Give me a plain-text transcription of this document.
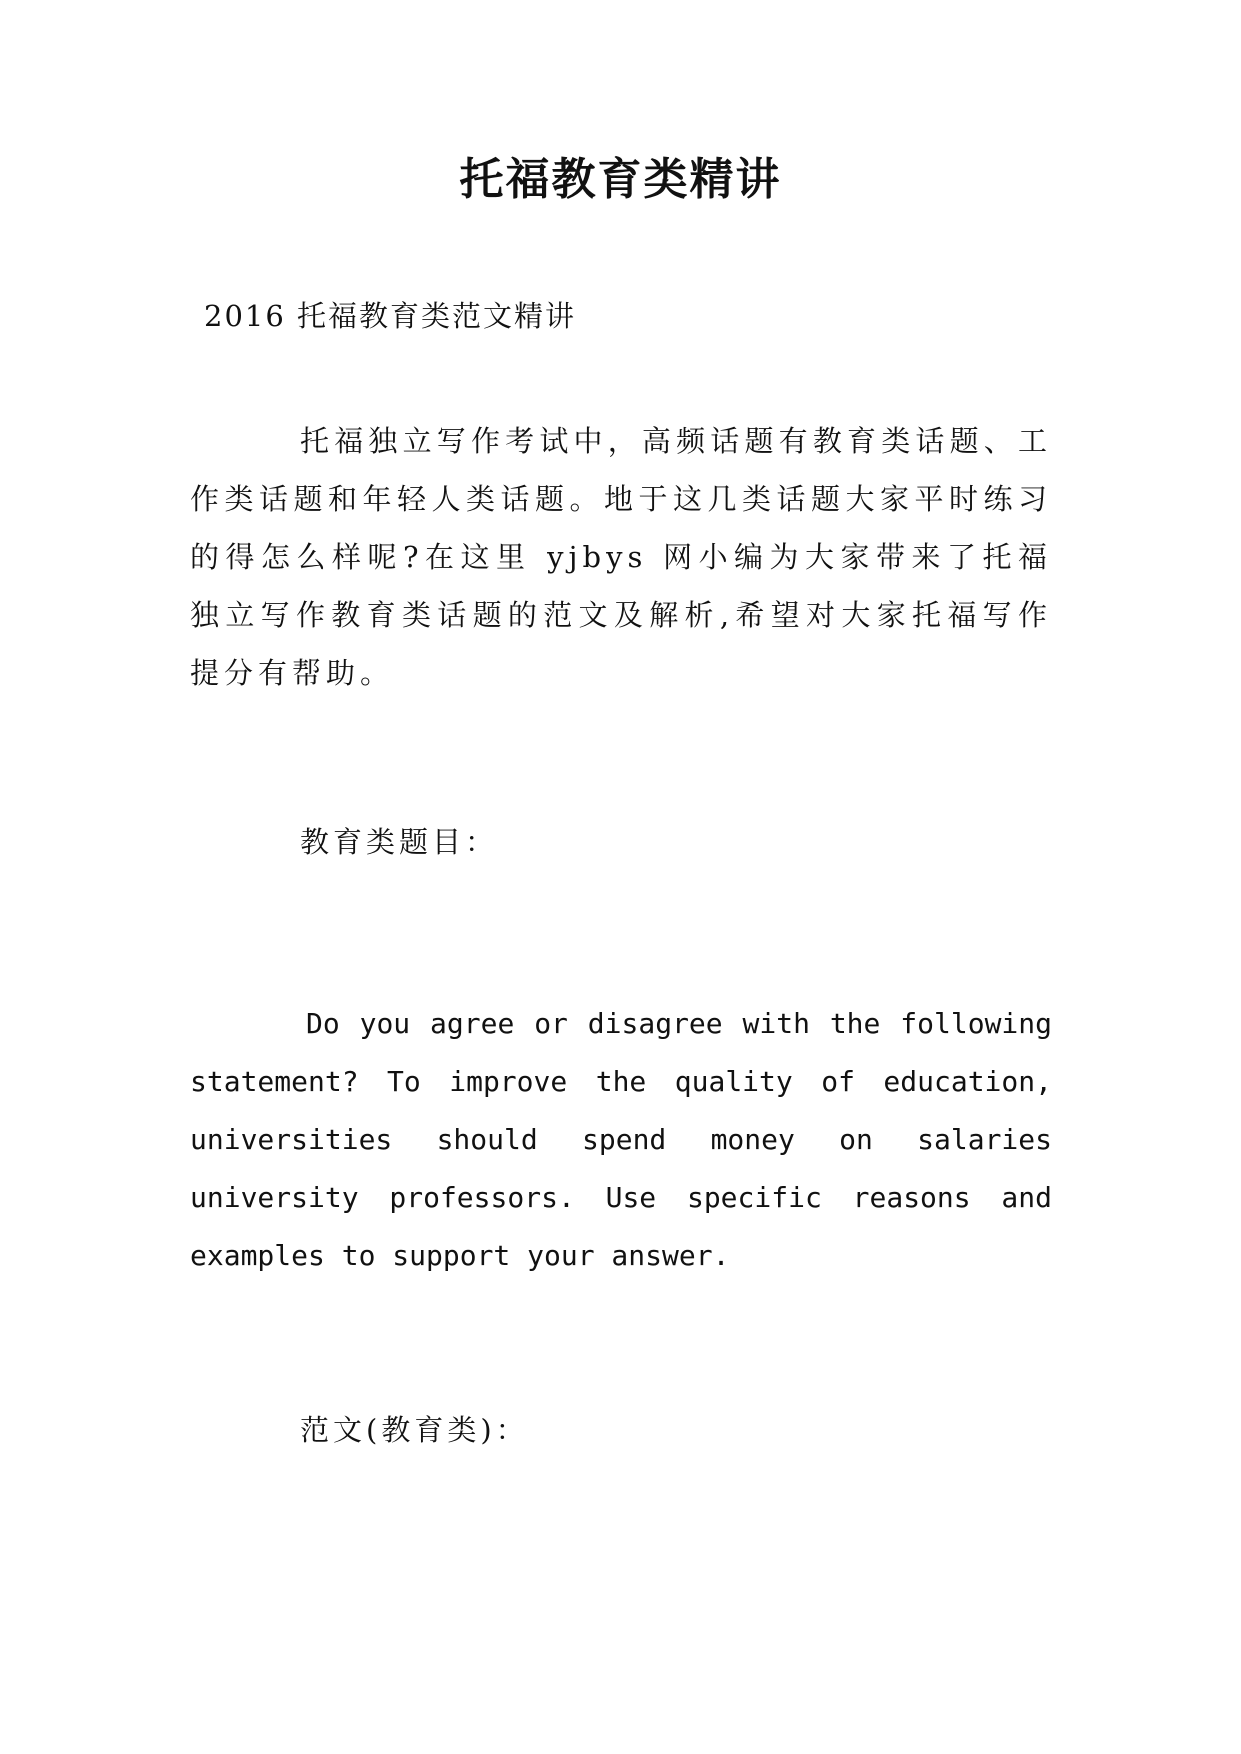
托福教育类精讲
2016 托福教育类范文精讲

托福独立写作考试中，高频话题有教育类话题、工作类话题和年轻人类话题。地于这几类话题大家平时练习的得怎么样呢?在这里 yjbys 网小编为大家带来了托福独立写作教育类话题的范文及解析,希望对大家托福写作提分有帮助。

教育类题目：

Do you agree or disagree with the following statement? To improve the quality of education, universities should spend money on salaries university professors. Use specific reasons and examples to support your answer.

范文(教育类)：
